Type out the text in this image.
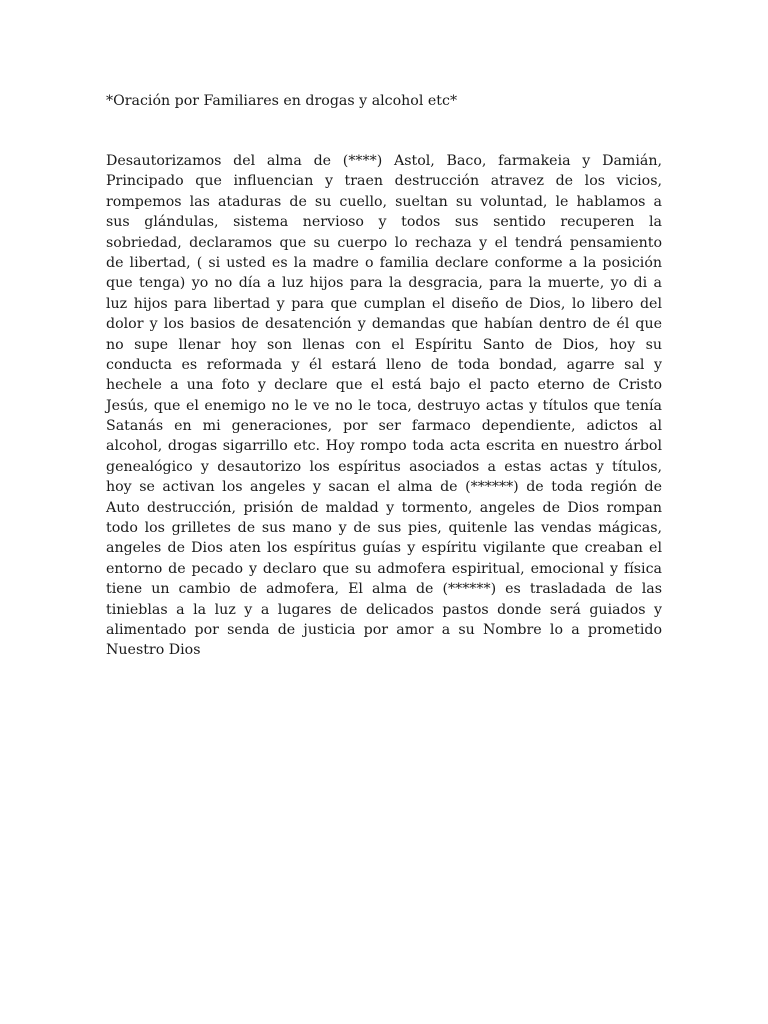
*Oración por Familiares en drogas y alcohol etc*
Desautorizamos del alma de (****) Astol, Baco, farmakeia y Damián,
Principado que influencian y traen destrucción atravez de los vicios,
rompemos las ataduras de su cuello, sueltan su voluntad, le hablamos a
sus glándulas, sistema nervioso y todos sus sentido recuperen la
sobriedad, declaramos que su cuerpo lo rechaza y el tendrá pensamiento
de libertad, ( si usted es la madre o familia declare conforme a la posición
que tenga) yo no día a luz hijos para la desgracia, para la muerte, yo di a
luz hijos para libertad y para que cumplan el diseño de Dios, lo libero del
dolor y los basios de desatención y demandas que habían dentro de él que
no supe llenar hoy son llenas con el Espíritu Santo de Dios, hoy su
conducta es reformada y él estará lleno de toda bondad, agarre sal y
hechele a una foto y declare que el está bajo el pacto eterno de Cristo
Jesús, que el enemigo no le ve no le toca, destruyo actas y títulos que tenía
Satanás en mi generaciones, por ser farmaco dependiente, adictos al
alcohol, drogas sigarrillo etc. Hoy rompo toda acta escrita en nuestro árbol
genealógico y desautorizo los espíritus asociados a estas actas y títulos,
hoy se activan los angeles y sacan el alma de (******) de toda región de
Auto destrucción, prisión de maldad y tormento, angeles de Dios rompan
todo los grilletes de sus mano y de sus pies, quitenle las vendas mágicas,
angeles de Dios aten los espíritus guías y espíritu vigilante que creaban el
entorno de pecado y declaro que su admofera espiritual, emocional y física
tiene un cambio de admofera, El alma de (******) es trasladada de las
tinieblas a la luz y a lugares de delicados pastos donde será guiados y
alimentado por senda de justicia por amor a su Nombre lo a prometido
Nuestro Dios
